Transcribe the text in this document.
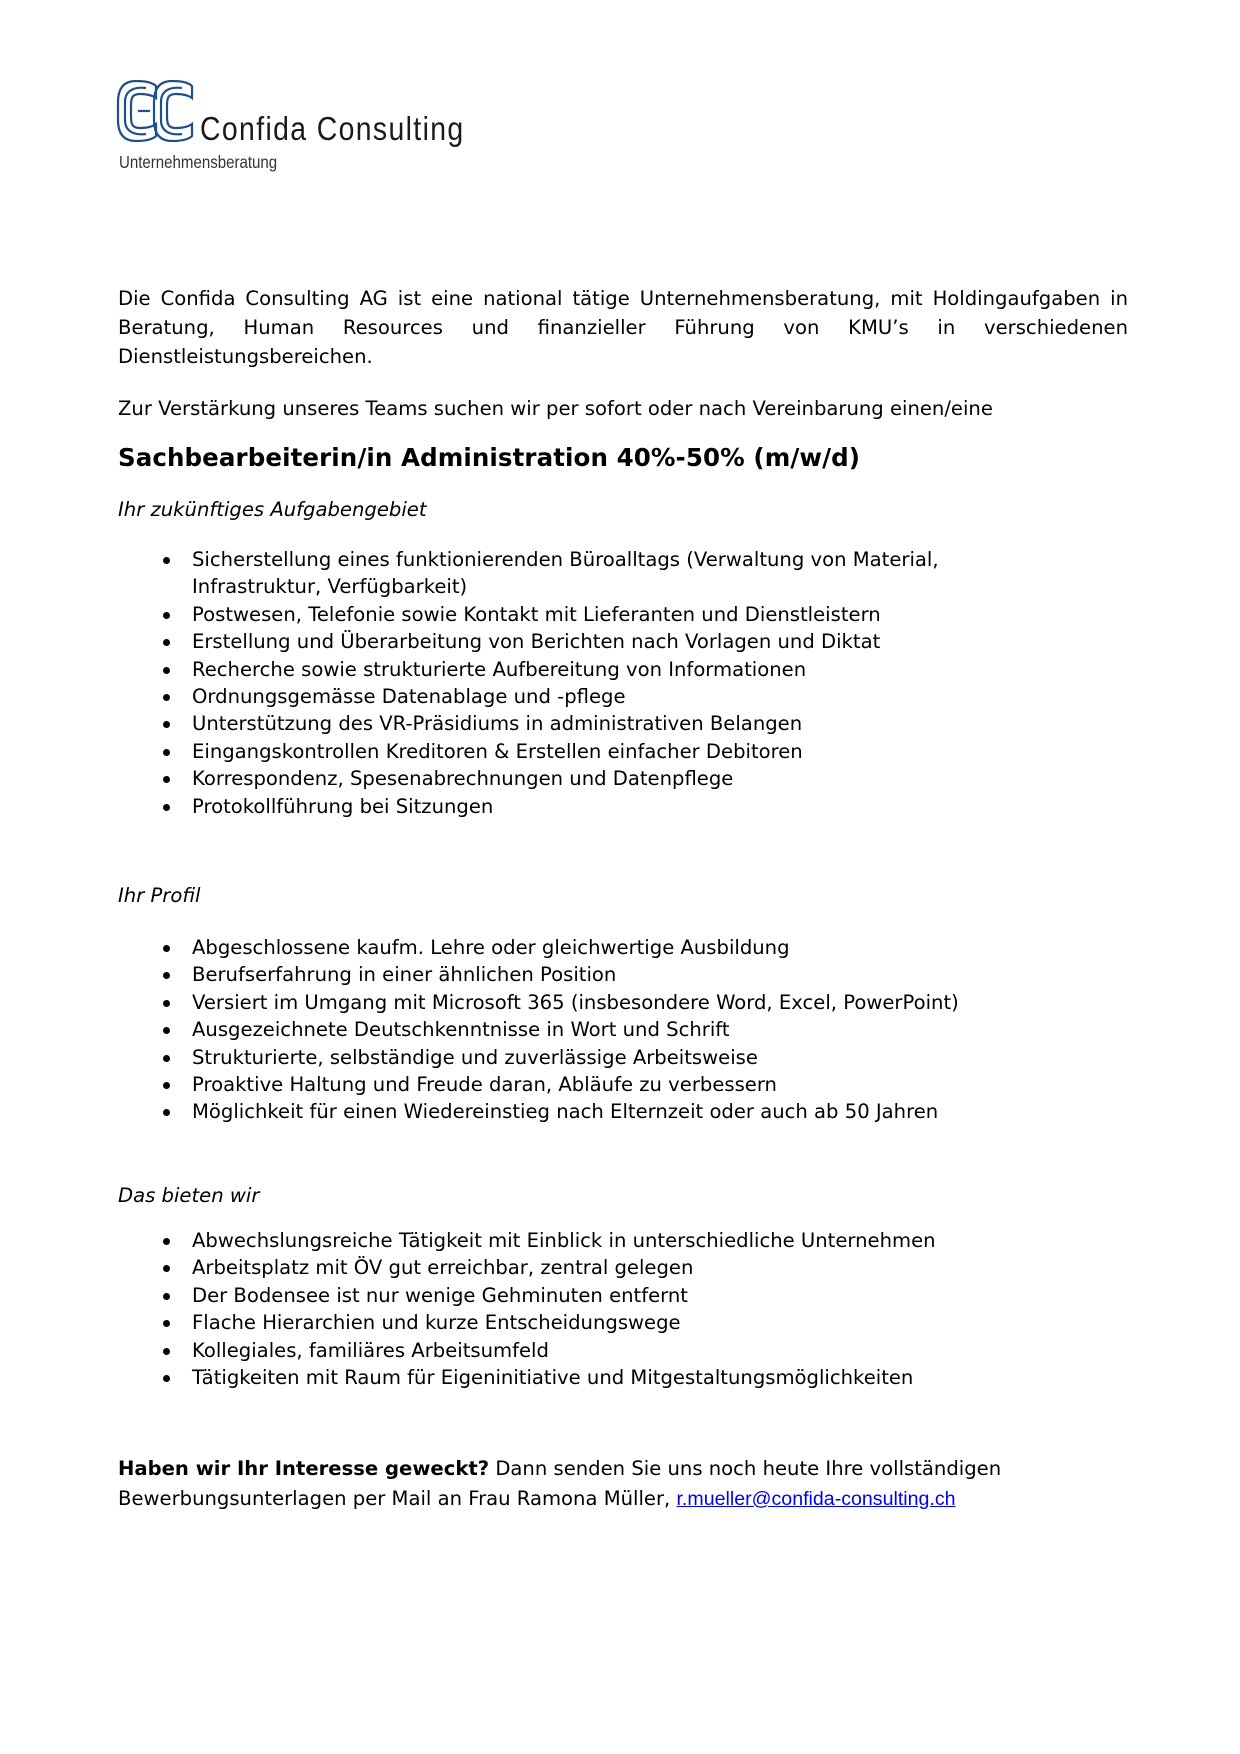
Confida Consulting
Unternehmensberatung

Die Confida Consulting AG ist eine national tätige Unternehmensberatung, mit Holdingaufgaben in Beratung, Human Resources und finanzieller Führung von KMU’s in verschiedenen Dienstleistungsbereichen.

Zur Verstärkung unseres Teams suchen wir per sofort oder nach Vereinbarung einen/eine

Sachbearbeiterin/in Administration 40%-50% (m/w/d)

Ihr zukünftiges Aufgabengebiet

Sicherstellung eines funktionierenden Büroalltags (Verwaltung von Material, Infrastruktur, Verfügbarkeit)
Postwesen, Telefonie sowie Kontakt mit Lieferanten und Dienstleistern
Erstellung und Überarbeitung von Berichten nach Vorlagen und Diktat
Recherche sowie strukturierte Aufbereitung von Informationen
Ordnungsgemässe Datenablage und -pflege
Unterstützung des VR-Präsidiums in administrativen Belangen
Eingangskontrollen Kreditoren & Erstellen einfacher Debitoren
Korrespondenz, Spesenabrechnungen und Datenpflege
Protokollführung bei Sitzungen

Ihr Profil

Abgeschlossene kaufm. Lehre oder gleichwertige Ausbildung
Berufserfahrung in einer ähnlichen Position
Versiert im Umgang mit Microsoft 365 (insbesondere Word, Excel, PowerPoint)
Ausgezeichnete Deutschkenntnisse in Wort und Schrift
Strukturierte, selbständige und zuverlässige Arbeitsweise
Proaktive Haltung und Freude daran, Abläufe zu verbessern
Möglichkeit für einen Wiedereinstieg nach Elternzeit oder auch ab 50 Jahren

Das bieten wir

Abwechslungsreiche Tätigkeit mit Einblick in unterschiedliche Unternehmen
Arbeitsplatz mit ÖV gut erreichbar, zentral gelegen
Der Bodensee ist nur wenige Gehminuten entfernt
Flache Hierarchien und kurze Entscheidungswege
Kollegiales, familiäres Arbeitsumfeld
Tätigkeiten mit Raum für Eigeninitiative und Mitgestaltungsmöglichkeiten

Haben wir Ihr Interesse geweckt? Dann senden Sie uns noch heute Ihre vollständigen Bewerbungsunterlagen per Mail an Frau Ramona Müller, r.mueller@confida-consulting.ch
